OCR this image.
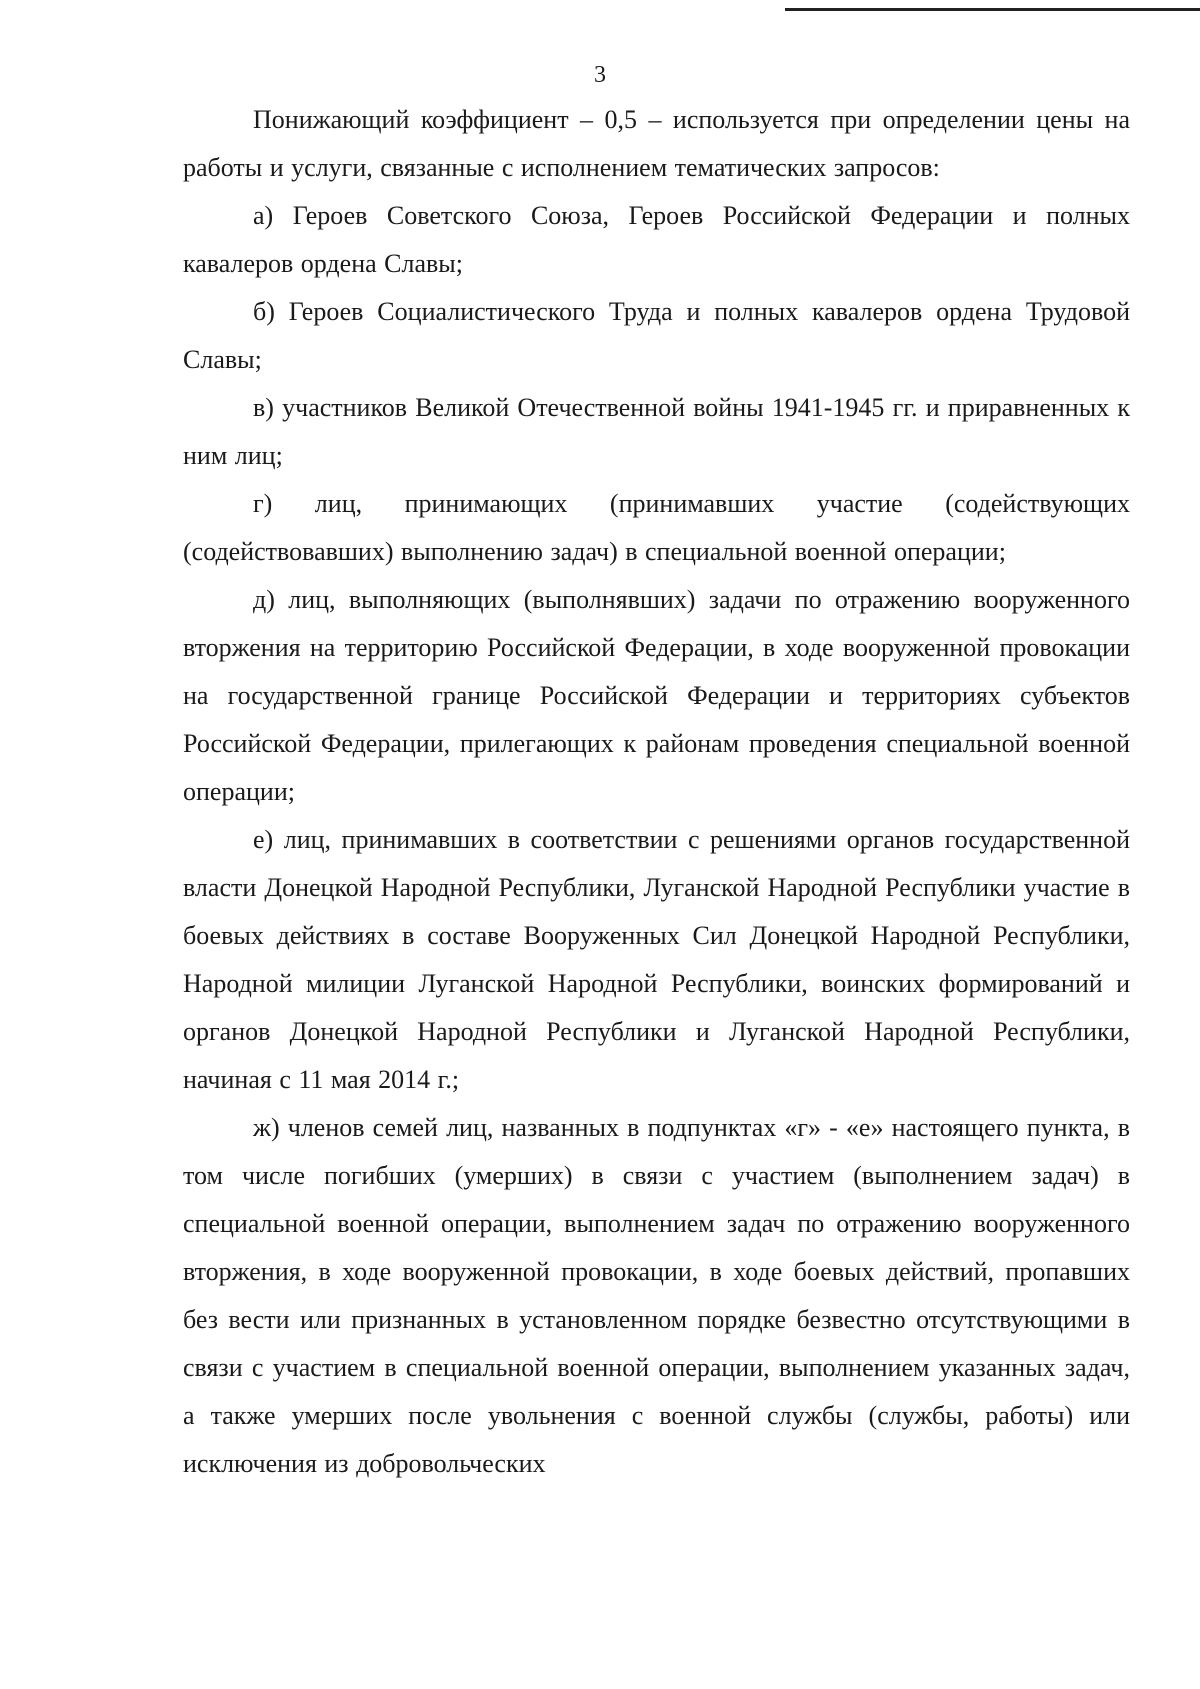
3

Понижающий коэффициент – 0,5 – используется при определении цены на работы и услуги, связанные с исполнением тематических запросов:

а) Героев Советского Союза, Героев Российской Федерации и полных кавалеров ордена Славы;

б) Героев Социалистического Труда и полных кавалеров ордена Трудовой Славы;

в) участников Великой Отечественной войны 1941-1945 гг. и приравненных к ним лиц;

г) лиц, принимающих (принимавших участие (содействующих (содействовавших) выполнению задач) в специальной военной операции;

д) лиц, выполняющих (выполнявших) задачи по отражению вооруженного вторжения на территорию Российской Федерации, в ходе вооруженной провокации на государственной границе Российской Федерации и территориях субъектов Российской Федерации, прилегающих к районам проведения специальной военной операции;

е) лиц, принимавших в соответствии с решениями органов государственной власти Донецкой Народной Республики, Луганской Народной Республики участие в боевых действиях в составе Вооруженных Сил Донецкой Народной Республики, Народной милиции Луганской Народной Республики, воинских формирований и органов Донецкой Народной Республики и Луганской Народной Республики, начиная с 11 мая 2014 г.;

ж) членов семей лиц, названных в подпунктах «г» - «е» настоящего пункта, в том числе погибших (умерших) в связи с участием (выполнением задач) в специальной военной операции, выполнением задач по отражению вооруженного вторжения, в ходе вооруженной провокации, в ходе боевых действий, пропавших без вести или признанных в установленном порядке безвестно отсутствующими в связи с участием в специальной военной операции, выполнением указанных задач, а также умерших после увольнения с военной службы (службы, работы) или исключения из добровольческих
